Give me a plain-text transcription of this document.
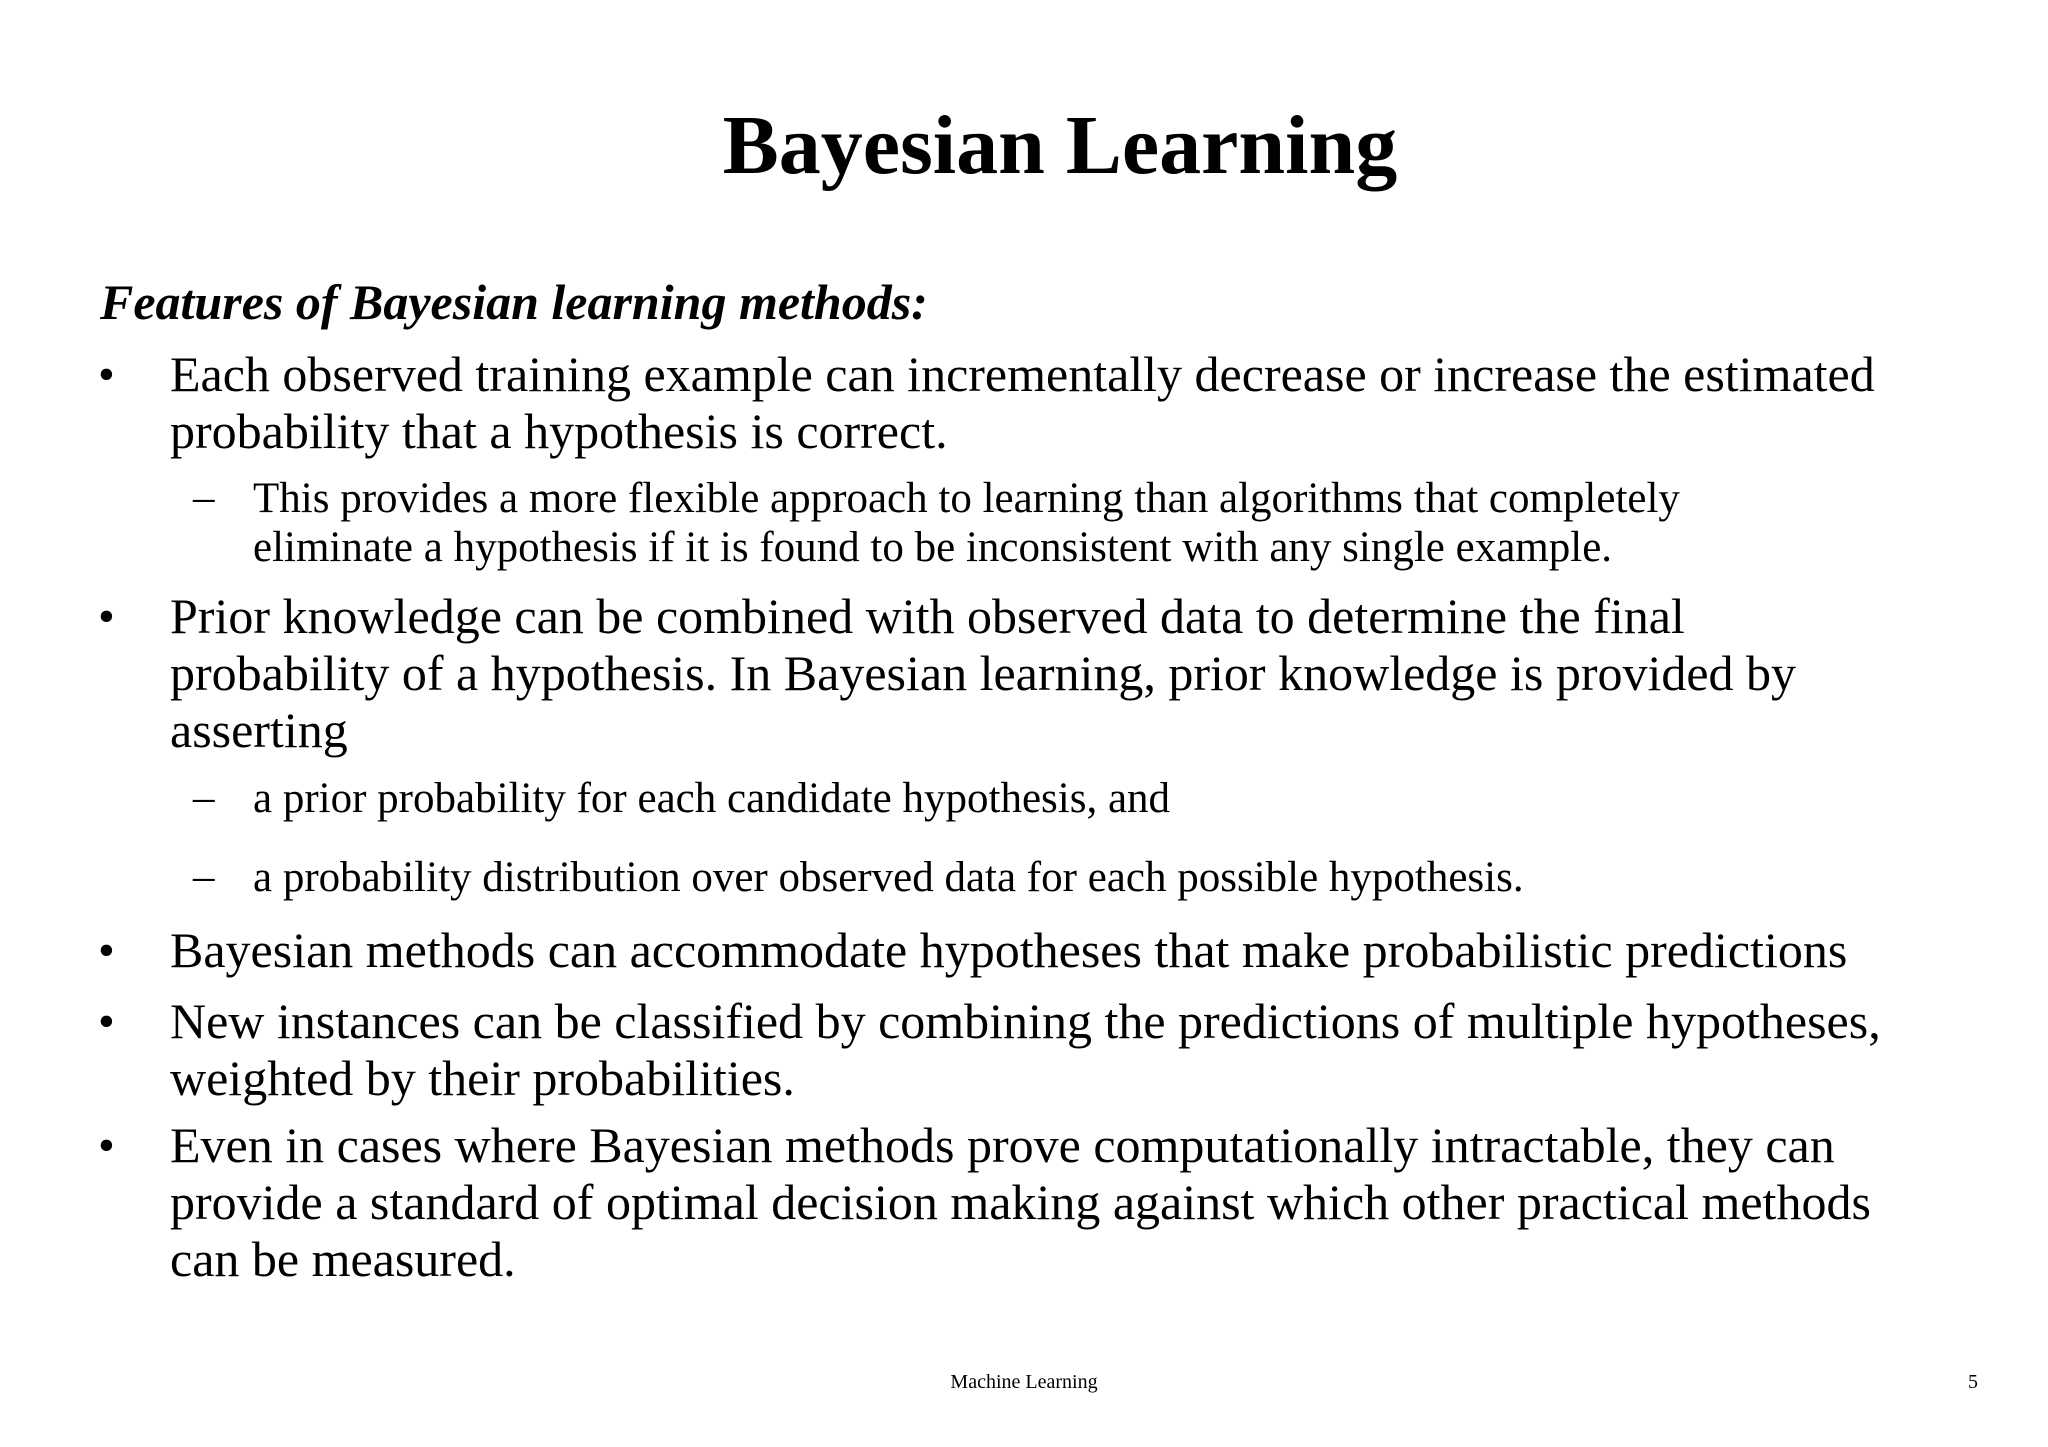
Bayesian Learning
Features of Bayesian learning methods:
• Each observed training example can incrementally decrease or increase the estimated
probability that a hypothesis is correct.
– This provides a more flexible approach to learning than algorithms that completely
eliminate a hypothesis if it is found to be inconsistent with any single example.
• Prior knowledge can be combined with observed data to determine the final
probability of a hypothesis. In Bayesian learning, prior knowledge is provided by
asserting
– a prior probability for each candidate hypothesis, and
– a probability distribution over observed data for each possible hypothesis.
• Bayesian methods can accommodate hypotheses that make probabilistic predictions
• New instances can be classified by combining the predictions of multiple hypotheses,
weighted by their probabilities.
• Even in cases where Bayesian methods prove computationally intractable, they can
provide a standard of optimal decision making against which other practical methods
can be measured.
Machine Learning	5
